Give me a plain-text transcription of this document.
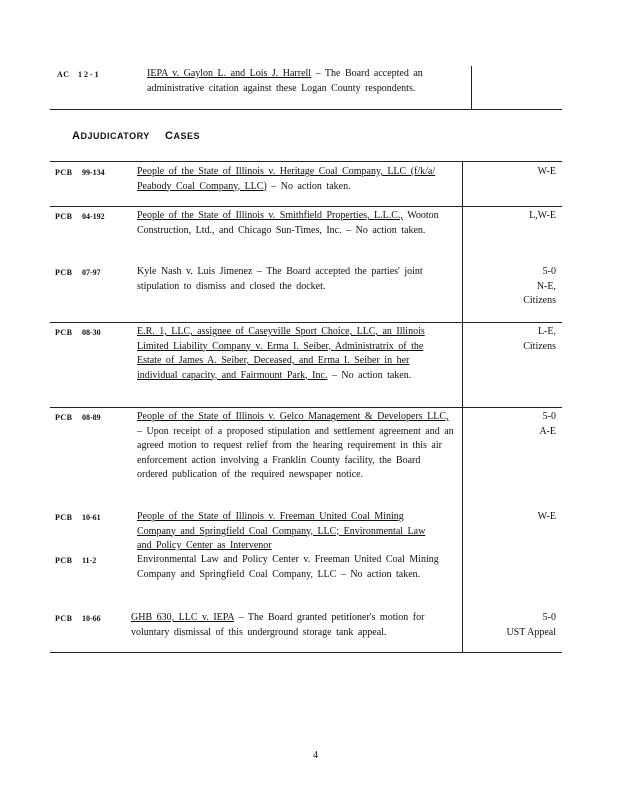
AC 12-1	IEPA v. Gaylon L. and Lois J. Harrell – The Board accepted an administrative citation against these Logan County respondents.
ADJUDICATORY CASES
PCB 99-134	People of the State of Illinois v. Heritage Coal Company, LLC (f/k/a/ Peabody Coal Company, LLC) – No action taken.
W-E
PCB 04-192	People of the State of Illinois v. Smithfield Properties, L.L.C., Wooton Construction, Ltd., and Chicago Sun-Times, Inc. – No action taken.
L,W-E
PCB 07-97	Kyle Nash v. Luis Jimenez – The Board accepted the parties' joint stipulation to dismiss and closed the docket.
5-0
N-E,
Citizens
PCB 08-30	E.R. 1, LLC, assignee of Caseyville Sport Choice, LLC, an Illinois Limited Liability Company v. Erma I. Seiber, Administratrix of the Estate of James A. Seiber, Deceased, and Erma I. Seiber in her individual capacity, and Fairmount Park, Inc. – No action taken.
L-E,
Citizens
PCB 08-89	People of the State of Illinois v. Gelco Management & Developers LLC, – Upon receipt of a proposed stipulation and settlement agreement and an agreed motion to request relief from the hearing requirement in this air enforcement action involving a Franklin County facility, the Board ordered publication of the required newspaper notice.
5-0
A-E
PCB 10-61	People of the State of Illinois v. Freeman United Coal Mining Company and Springfield Coal Company, LLC; Environmental Law and Policy Center as Intervenor
W-E
PCB 11-2	Environmental Law and Policy Center v. Freeman United Coal Mining Company and Springfield Coal Company, LLC – No action taken.
PCB 10-66	GHB 630, LLC v. IEPA – The Board granted petitioner's motion for voluntary dismissal of this underground storage tank appeal.
5-0
UST Appeal
4
